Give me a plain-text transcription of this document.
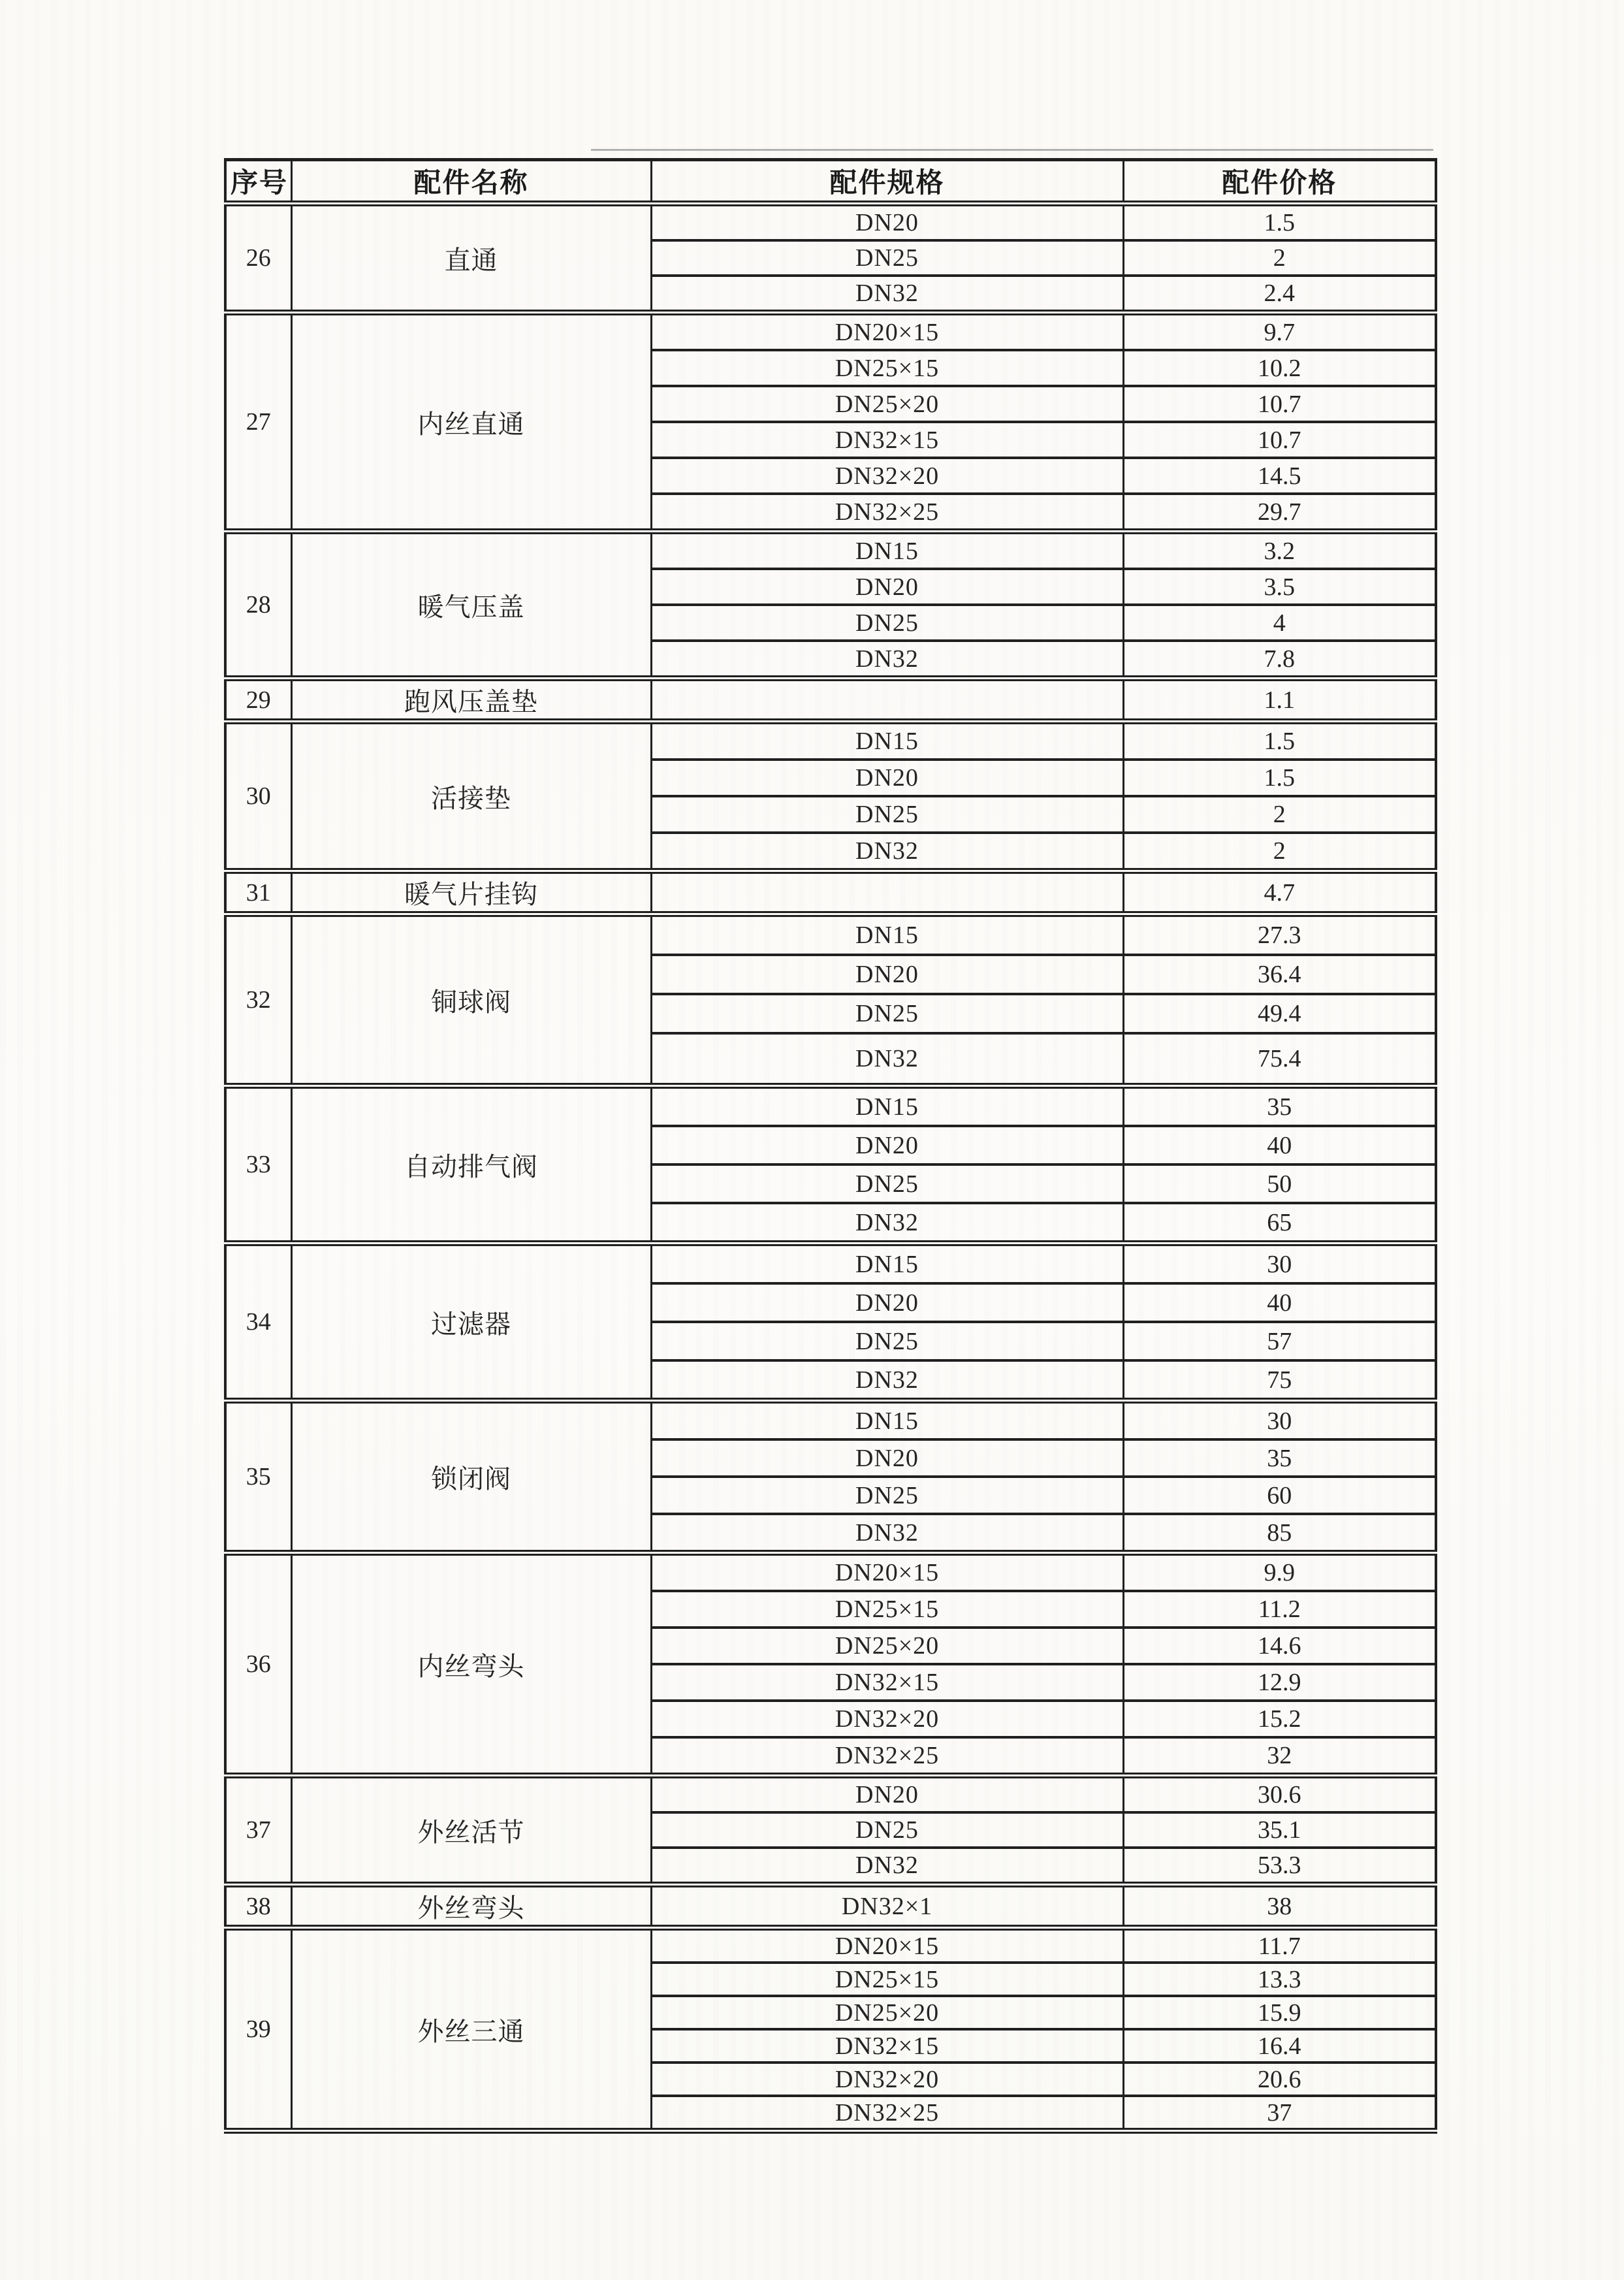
序号	配件名称	配件规格	配件价格
26	直通	DN20	1.5
		DN25	2
		DN32	2.4
27	内丝直通	DN20×15	9.7
		DN25×15	10.2
		DN25×20	10.7
		DN32×15	10.7
		DN32×20	14.5
		DN32×25	29.7
28	暖气压盖	DN15	3.2
		DN20	3.5
		DN25	4
		DN32	7.8
29	跑风压盖垫		1.1
30	活接垫	DN15	1.5
		DN20	1.5
		DN25	2
		DN32	2
31	暖气片挂钩		4.7
32	铜球阀	DN15	27.3
		DN20	36.4
		DN25	49.4
		DN32	75.4
33	自动排气阀	DN15	35
		DN20	40
		DN25	50
		DN32	65
34	过滤器	DN15	30
		DN20	40
		DN25	57
		DN32	75
35	锁闭阀	DN15	30
		DN20	35
		DN25	60
		DN32	85
36	内丝弯头	DN20×15	9.9
		DN25×15	11.2
		DN25×20	14.6
		DN32×15	12.9
		DN32×20	15.2
		DN32×25	32
37	外丝活节	DN20	30.6
		DN25	35.1
		DN32	53.3
38	外丝弯头	DN32×1	38
39	外丝三通	DN20×15	11.7
		DN25×15	13.3
		DN25×20	15.9
		DN32×15	16.4
		DN32×20	20.6
		DN32×25	37
